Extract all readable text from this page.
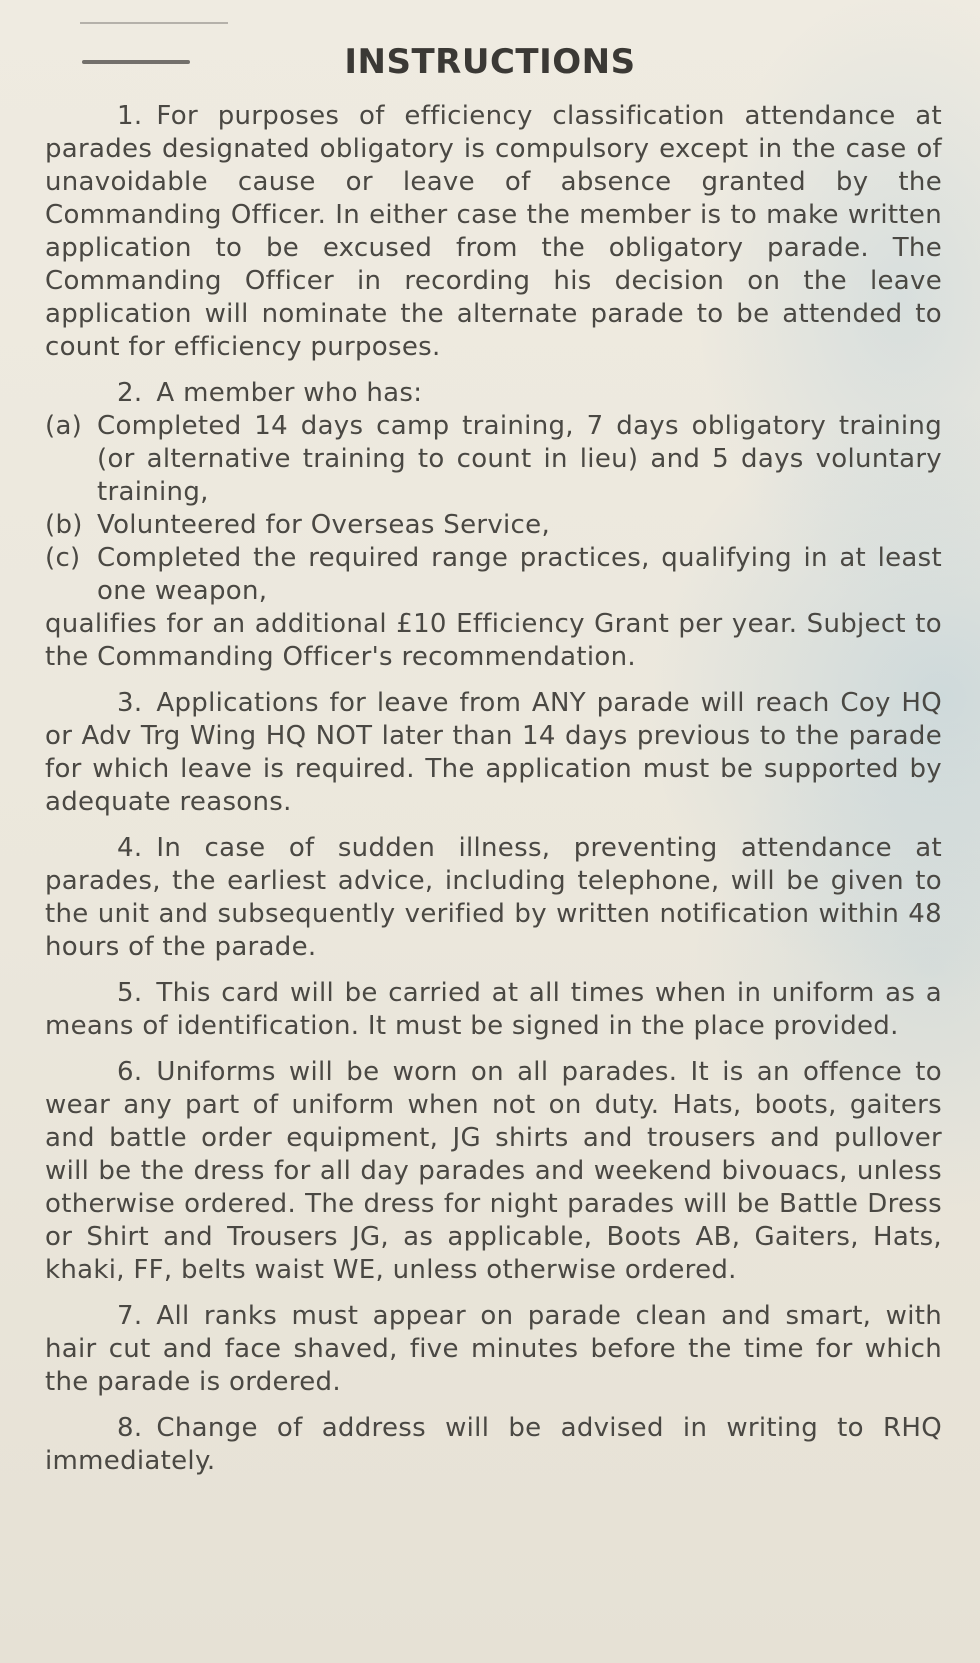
INSTRUCTIONS

1. For purposes of efficiency classification attendance at parades designated obligatory is compulsory except in the case of unavoidable cause or leave of absence granted by the Commanding Officer. In either case the member is to make written application to be excused from the obligatory parade. The Commanding Officer in recording his decision on the leave application will nominate the alternate parade to be attended to count for efficiency purposes.

2. A member who has:

(a) Completed 14 days camp training, 7 days obligatory training (or alternative training to count in lieu) and 5 days voluntary training,

(b) Volunteered for Overseas Service,

(c) Completed the required range practices, qualifying in at least one weapon,

qualifies for an additional £10 Efficiency Grant per year. Subject to the Commanding Officer's recommendation.

3. Applications for leave from ANY parade will reach Coy HQ or Adv Trg Wing HQ NOT later than 14 days previous to the parade for which leave is required. The application must be supported by adequate reasons.

4. In case of sudden illness, preventing attendance at parades, the earliest advice, including telephone, will be given to the unit and subsequently verified by written notification within 48 hours of the parade.

5. This card will be carried at all times when in uniform as a means of identification. It must be signed in the place provided.

6. Uniforms will be worn on all parades. It is an offence to wear any part of uniform when not on duty. Hats, boots, gaiters and battle order equipment, JG shirts and trousers and pullover will be the dress for all day parades and weekend bivouacs, unless otherwise ordered. The dress for night parades will be Battle Dress or Shirt and Trousers JG, as applicable, Boots AB, Gaiters, Hats, khaki, FF, belts waist WE, unless otherwise ordered.

7. All ranks must appear on parade clean and smart, with hair cut and face shaved, five minutes before the time for which the parade is ordered.

8. Change of address will be advised in writing to RHQ immediately.
